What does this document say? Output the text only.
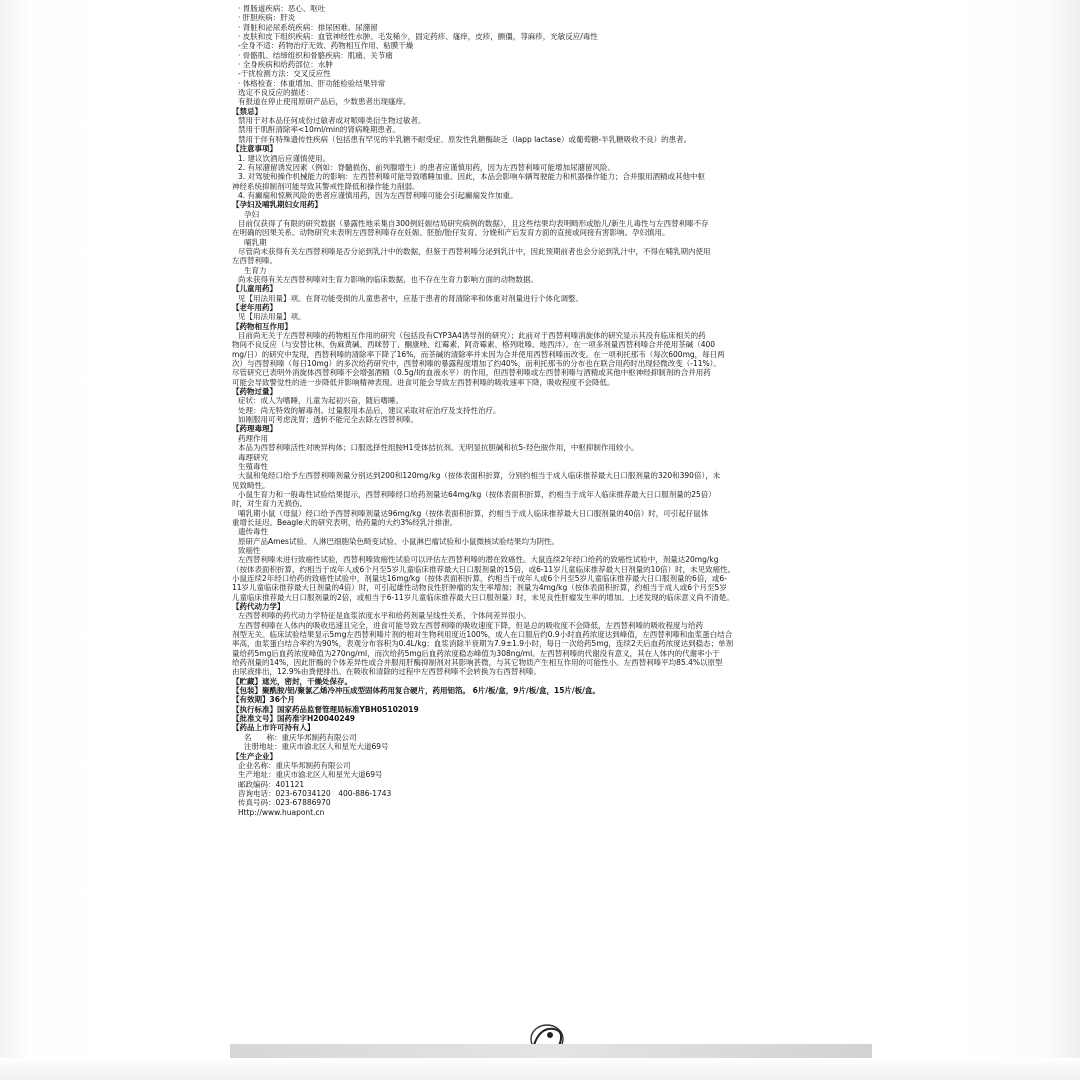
· 胃肠道疾病：恶心、呕吐
· 肝胆疾病：肝炎
· 肾脏和泌尿系统疾病：排尿困难、尿潴留
· 皮肤和皮下组织疾病：血管神经性水肿、毛发稀少，固定药疹、瘙痒，皮疹，颤僵，荨麻疹，光敏反应/毒性
-全身不适：药物治疗无效、药物相互作用、粘膜干燥
· 骨骼肌、结缔组织和骨骼疾病：肌痛、关节痛
· 全身疾病和给药部位：水肿
-干扰检测方法：交叉反应性
· 体格检查：体重增加、肝功能检验结果异常
选定不良反应的描述：
有报道在停止使用原研产品后，少数患者出现瘙痒。
【禁忌】
禁用于对本品任何成份过敏者或对哌嗪类衍生物过敏者。
禁用于肌酐清除率<10ml/min的肾病晚期患者。
禁用于伴有特殊遗传性疾病（包括患有罕见的半乳糖不耐受症、原发性乳糖酶缺乏（lapp lactase）或葡萄糖-半乳糖吸收不良）的患者。
【注意事项】
1. 建议饮酒后应谨慎使用。
2. 有尿潴留诱发因素（例如：脊髓损伤、前列腺增生）的患者应谨慎用药，因为左西替利嗪可能增加尿潴留风险。
3. 对驾驶和操作机械能力的影响：左西替利嗪可能导致嗜睡加重。因此，本品会影响车辆驾驶能力和机器操作能力；合并服用酒精或其他中枢
神经系统抑制剂可能导致其警戒性降低和操作能力削弱。
4. 有癫痫和惊厥风险的患者应谨慎用药，因为左西替利嗪可能会引起癫痫发作加重。
【孕妇及哺乳期妇女用药】
孕妇
目前仅获得了有限的研究数据（暴露性地采集自300例妊娠结局研究病例的数据），且这些结果均表明畸形或胎儿/新生儿毒性与左西替利嗪不存
在明确的因果关系。动物研究未表明左西替利嗪存在妊娠、胚胎/胎仔发育、分娩和产后发育方面的直接或间接有害影响。孕妇慎用。
哺乳期
尽管尚未获得有关左西替利嗪是否分泌到乳汁中的数据，但鉴于西替利嗪分泌到乳汁中，因此预期前者也会分泌到乳汁中，不得在哺乳期内使用
左西替利嗪。
生育力
尚未获得有关左西替利嗪对生育力影响的临床数据，也不存在生育力影响方面的动物数据。
【儿童用药】
见【用法用量】项。在肾功能受损的儿童患者中，应基于患者的肾清除率和体重对剂量进行个体化调整。
【老年用药】
见【用法用量】项。
【药物相互作用】
目前尚无关于左西替利嗪的药物相互作用的研究（包括没有CYP3A4诱导剂的研究）；此前对于西替利嗪消旋体的研究显示其没有临床相关的药
物间不良反应（与安替比林、伪麻黄碱、西咪替丁、酮康唑、红霉素、阿奇霉素、格列吡嗪、地西泮）。在一项多剂量西替利嗪合并使用茶碱（400
mg/日）的研究中发现，西替利嗪的清除率下降了16%，而茶碱的清除率并未因为合并使用西替利嗪而改变。在一项利托那韦（每次600mg，每日两
次）与西替利嗪（每日10mg）的多次给药研究中，西替利嗪的暴露程度增加了约40%，而利托那韦的分布也在联合用药时出现轻微改变（-11%）。
尽管研究已表明外消旋体西替利嗪不会增强酒精（0.5g/l的血液水平）的作用，但西替利嗪或左西替利嗪与酒精或其他中枢神经抑制剂的合并用药
可能会导致警觉性的进一步降低并影响精神表现。进食可能会导致左西替利嗪的吸收速率下降，吸收程度不会降低。
【药物过量】
症状：成人为嗜睡，儿童为起初兴奋，随后嗜睡。
处理：尚无特效的解毒剂。过量服用本品后，建议采取对症治疗及支持性治疗。
如刚服用可考虑洗胃；透析不能完全去除左西替利嗪。
【药理毒理】
药理作用
本品为西替利嗪活性对映异构体；口服选择性组胺H1受体拮抗剂。无明显抗胆碱和抗5-羟色胺作用，中枢抑制作用较小。
毒理研究
生殖毒性
大鼠和兔经口给予左西替利嗪剂量分别达到200和120mg/kg（按体表面积折算，分别约相当于成人临床推荐最大日口服剂量的320和390倍），未
见致畸性。
小鼠生育力和一般毒性试验结果提示，西替利嗪经口给药剂量达64mg/kg（按体表面积折算，约相当于成年人临床推荐最大日口服剂量的25倍）
时，对生育力无损伤。
哺乳期小鼠（母鼠）经口给予西替利嗪剂量达96mg/kg（按体表面积折算，约相当于成人临床推荐最大日口服剂量的40倍）时，可引起仔鼠体
重增长延迟。Beagle犬的研究表明，给药量的大约3%经乳汁排泄。
遗传毒性
原研产品Ames试验、人淋巴细胞染色畸变试验、小鼠淋巴瘤试验和小鼠微核试验结果均为阴性。
致癌性
左西替利嗪未进行致癌性试验，西替利嗪致癌性试验可以评估左西替利嗪的潜在致癌性。大鼠连续2年经口给药的致癌性试验中，剂量达20mg/kg
（按体表面积折算，约相当于成年人或6个月至5岁儿童临床推荐最大日口服剂量的15倍，或6-11岁儿童临床推荐最大日剂量的10倍）时，未见致癌性。
小鼠连续2年经口给药的致癌性试验中，剂量达16mg/kg（按体表面积折算，约相当于成年人或6个月至5岁儿童临床推荐最大日口服剂量的6倍，或6-
11岁儿童临床推荐最大日剂量的4倍）时，可引起雄性动物良性肝肿瘤的发生率增加；剂量为4mg/kg（按体表面积折算，约相当于成人或6个月至5岁
儿童临床推荐最大日口服剂量的2倍，或相当于6-11岁儿童临床推荐最大日口服剂量）时，未见良性肝瘤发生率的增加。上述发现的临床意义尚不清楚。
【药代动力学】
左西替利嗪的药代动力学特征是血浆浓度水平和给药剂量呈线性关系，个体间差异很小。
左西替利嗪在人体内的吸收迅速且完全，进食可能导致左西替利嗪的吸收速度下降，但是总的吸收度不会降低，左西替利嗪的吸收程度与给药
剂型无关。临床试验结果显示5mg左西替利嗪片剂的相对生物利用度近100%，成人在口服后约0.9小时血药浓度达到峰值，左西替利嗪和血浆蛋白结合
率高，血浆蛋白结合率约为90%，表观分布容积为0.4L/kg；血浆消除半衰期为7.9±1.9小时，每日一次给药5mg，连续2天后血药浓度达到稳态；单剂
量给药5mg后血药浓度峰值为270ng/ml，而次给药5mg后血药浓度稳态峰值为308ng/ml。左西替利嗪的代谢没有意义，其在人体内的代谢率小于
给药剂量的14%，因此肝酶的个体差异性或合并服用肝酶抑制剂对其影响甚微，与其它物质产生相互作用的可能性小。左西替利嗪平均85.4%以原型
由尿液排出，12.9%由粪便排出。在吸收和清除的过程中左西替利嗪不会转换为右西替利嗪。
【贮藏】遮光，密封，干燥处保存。
【包装】聚酰胺/铝/聚氯乙烯冷冲压成型固体药用复合硬片，药用铝箔。 6片/板/盒，9片/板/盒，15片/板/盒。
【有效期】36个月
【执行标准】国家药品监督管理局标准YBH05102019
【批准文号】国药准字H20040249
【药品上市许可持有人】
名　　称：重庆华邦制药有限公司
注册地址：重庆市渝北区人和星光大道69号
【生产企业】
企业名称：重庆华邦制药有限公司
生产地址：重庆市渝北区人和星光大道69号
邮政编码：401121
咨询电话：023-67034120　400-886-1743
传真号码：023-67886970
Http://www.huapont.cn
